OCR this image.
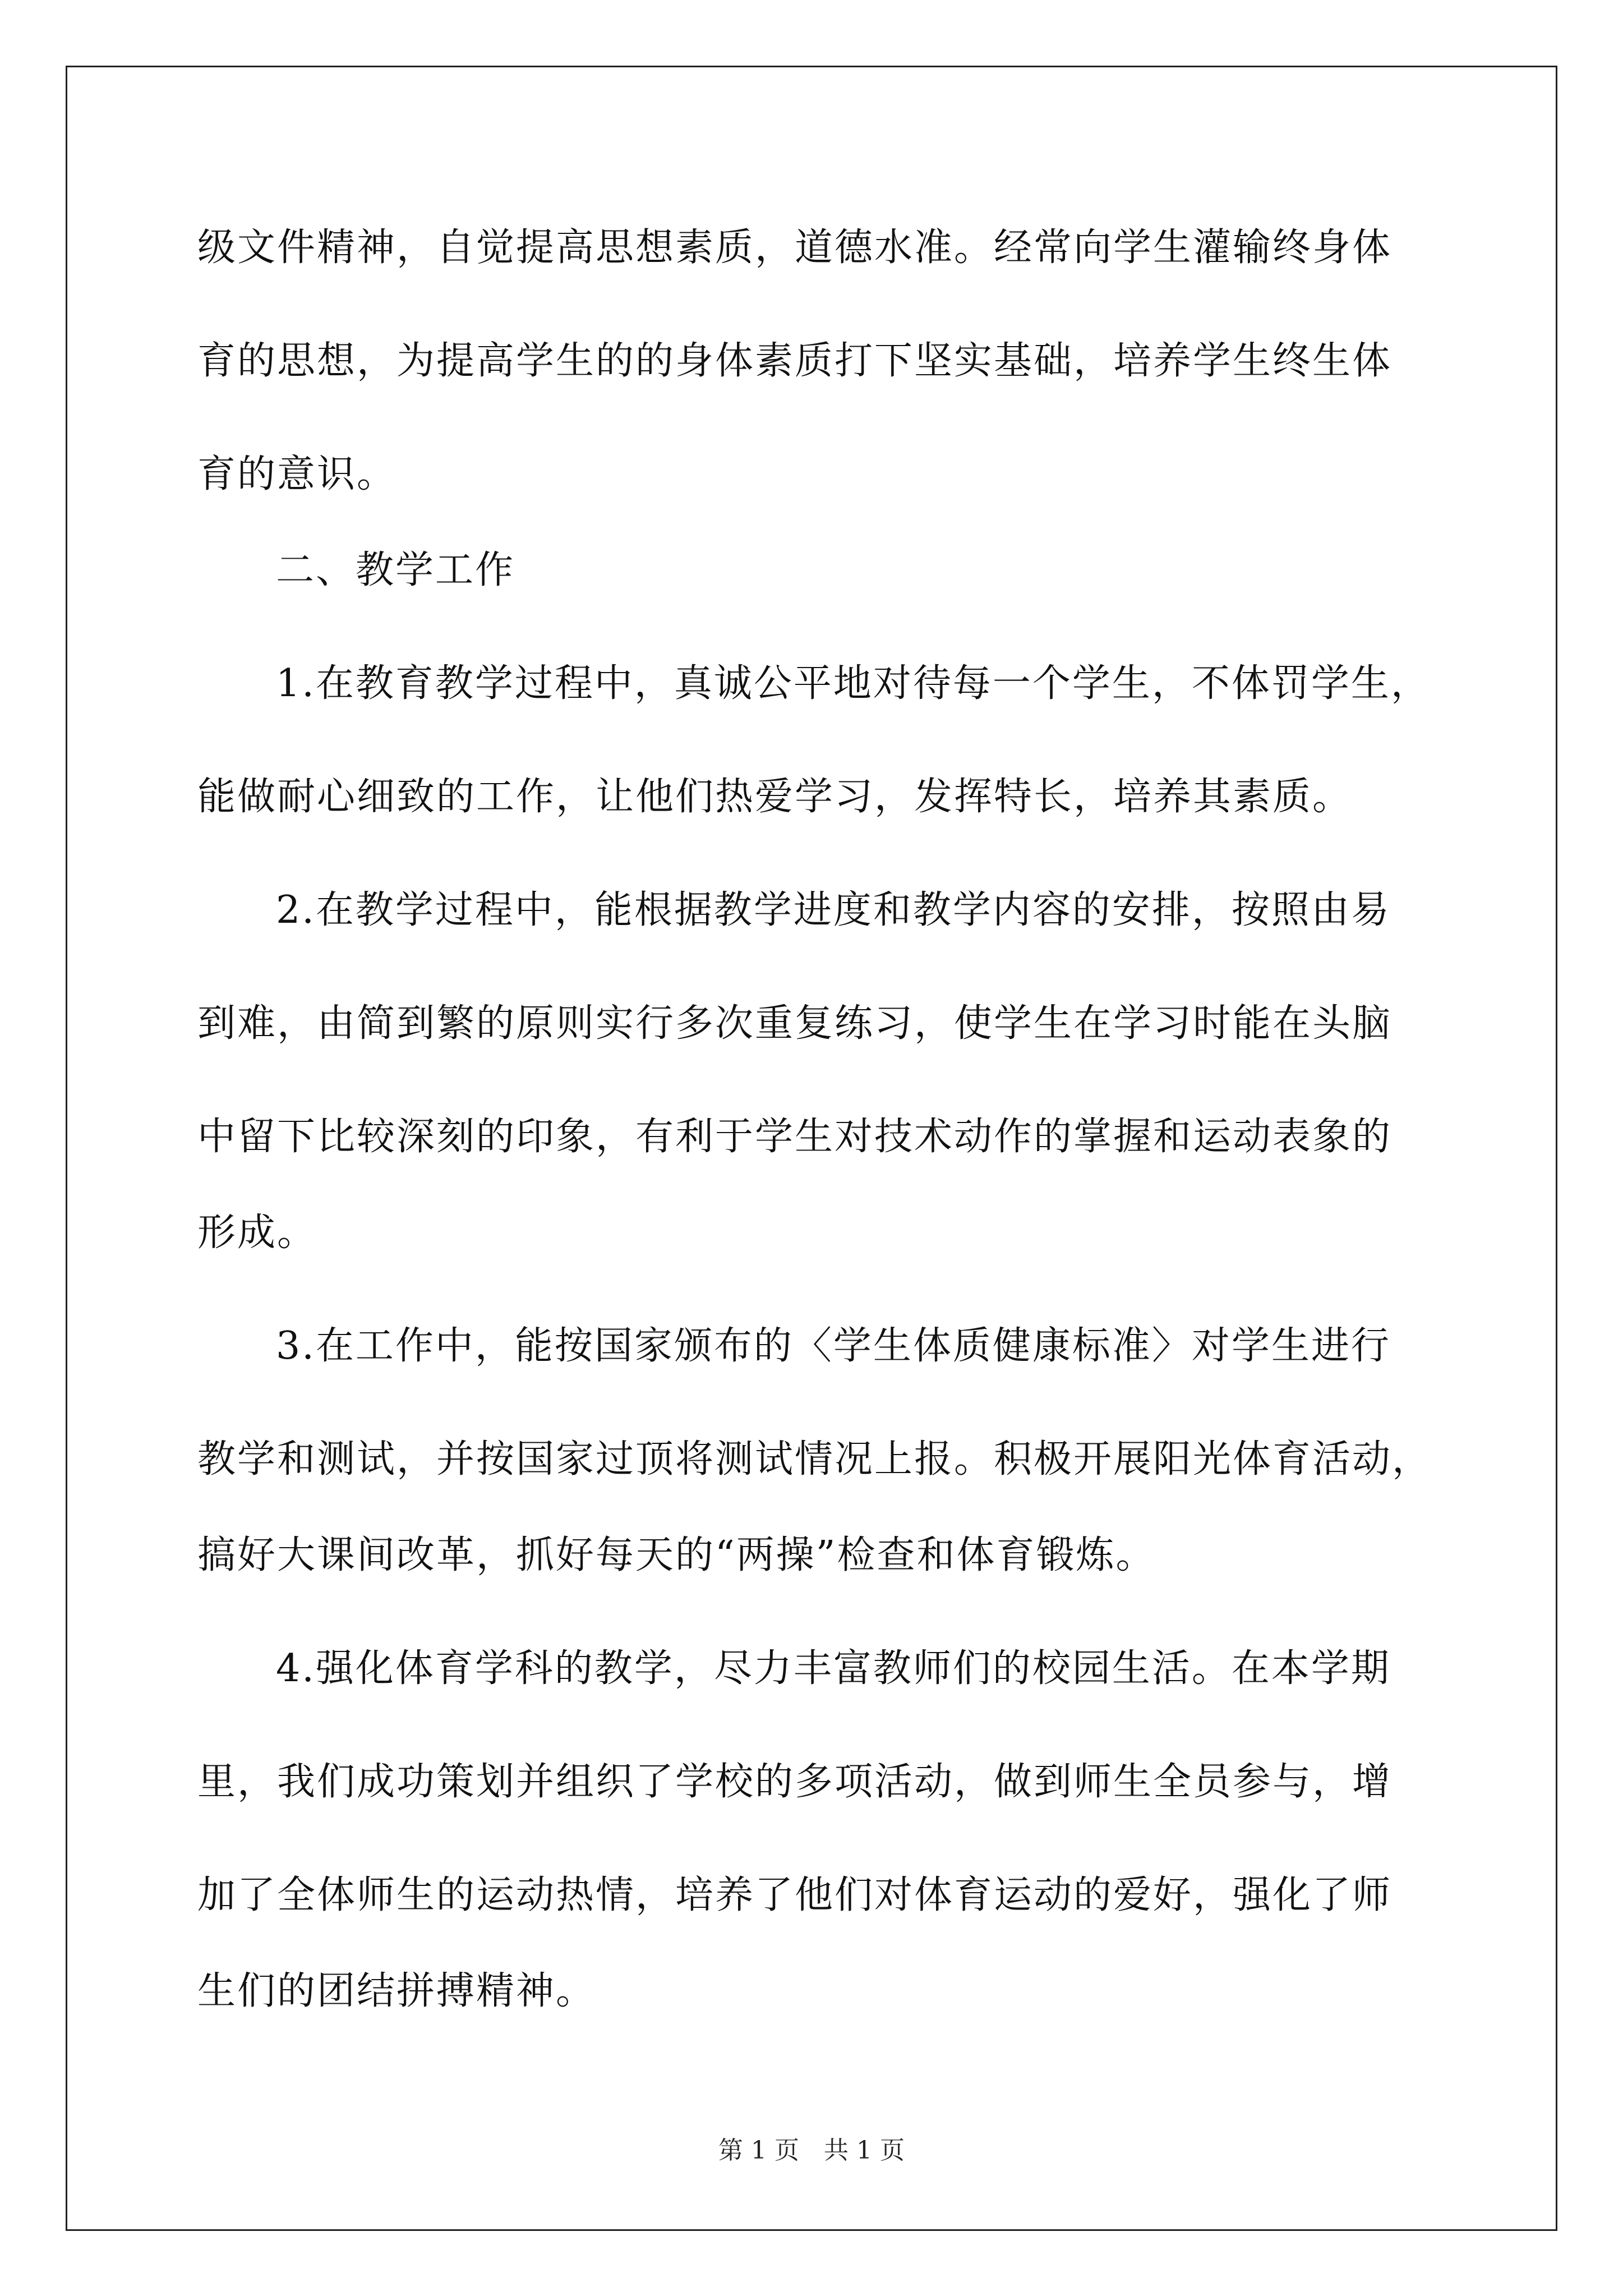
级文件精神，自觉提高思想素质，道德水准。经常向学生灌输终身体
育的思想，为提高学生的的身体素质打下坚实基础，培养学生终生体
育的意识。
二、教学工作
1.在教育教学过程中，真诚公平地对待每一个学生，不体罚学生，
能做耐心细致的工作，让他们热爱学习，发挥特长，培养其素质。
2.在教学过程中，能根据教学进度和教学内容的安排，按照由易
到难，由简到繁的原则实行多次重复练习，使学生在学习时能在头脑
中留下比较深刻的印象，有利于学生对技术动作的掌握和运动表象的
形成。
3.在工作中，能按国家颁布的〈学生体质健康标准〉对学生进行
教学和测试，并按国家过顶将测试情况上报。积极开展阳光体育活动，
搞好大课间改革，抓好每天的“两操”检查和体育锻炼。
4.强化体育学科的教学，尽力丰富教师们的校园生活。在本学期
里，我们成功策划并组织了学校的多项活动，做到师生全员参与，增
加了全体师生的运动热情，培养了他们对体育运动的爱好，强化了师
生们的团结拼搏精神。
第 1 页　共 1 页
